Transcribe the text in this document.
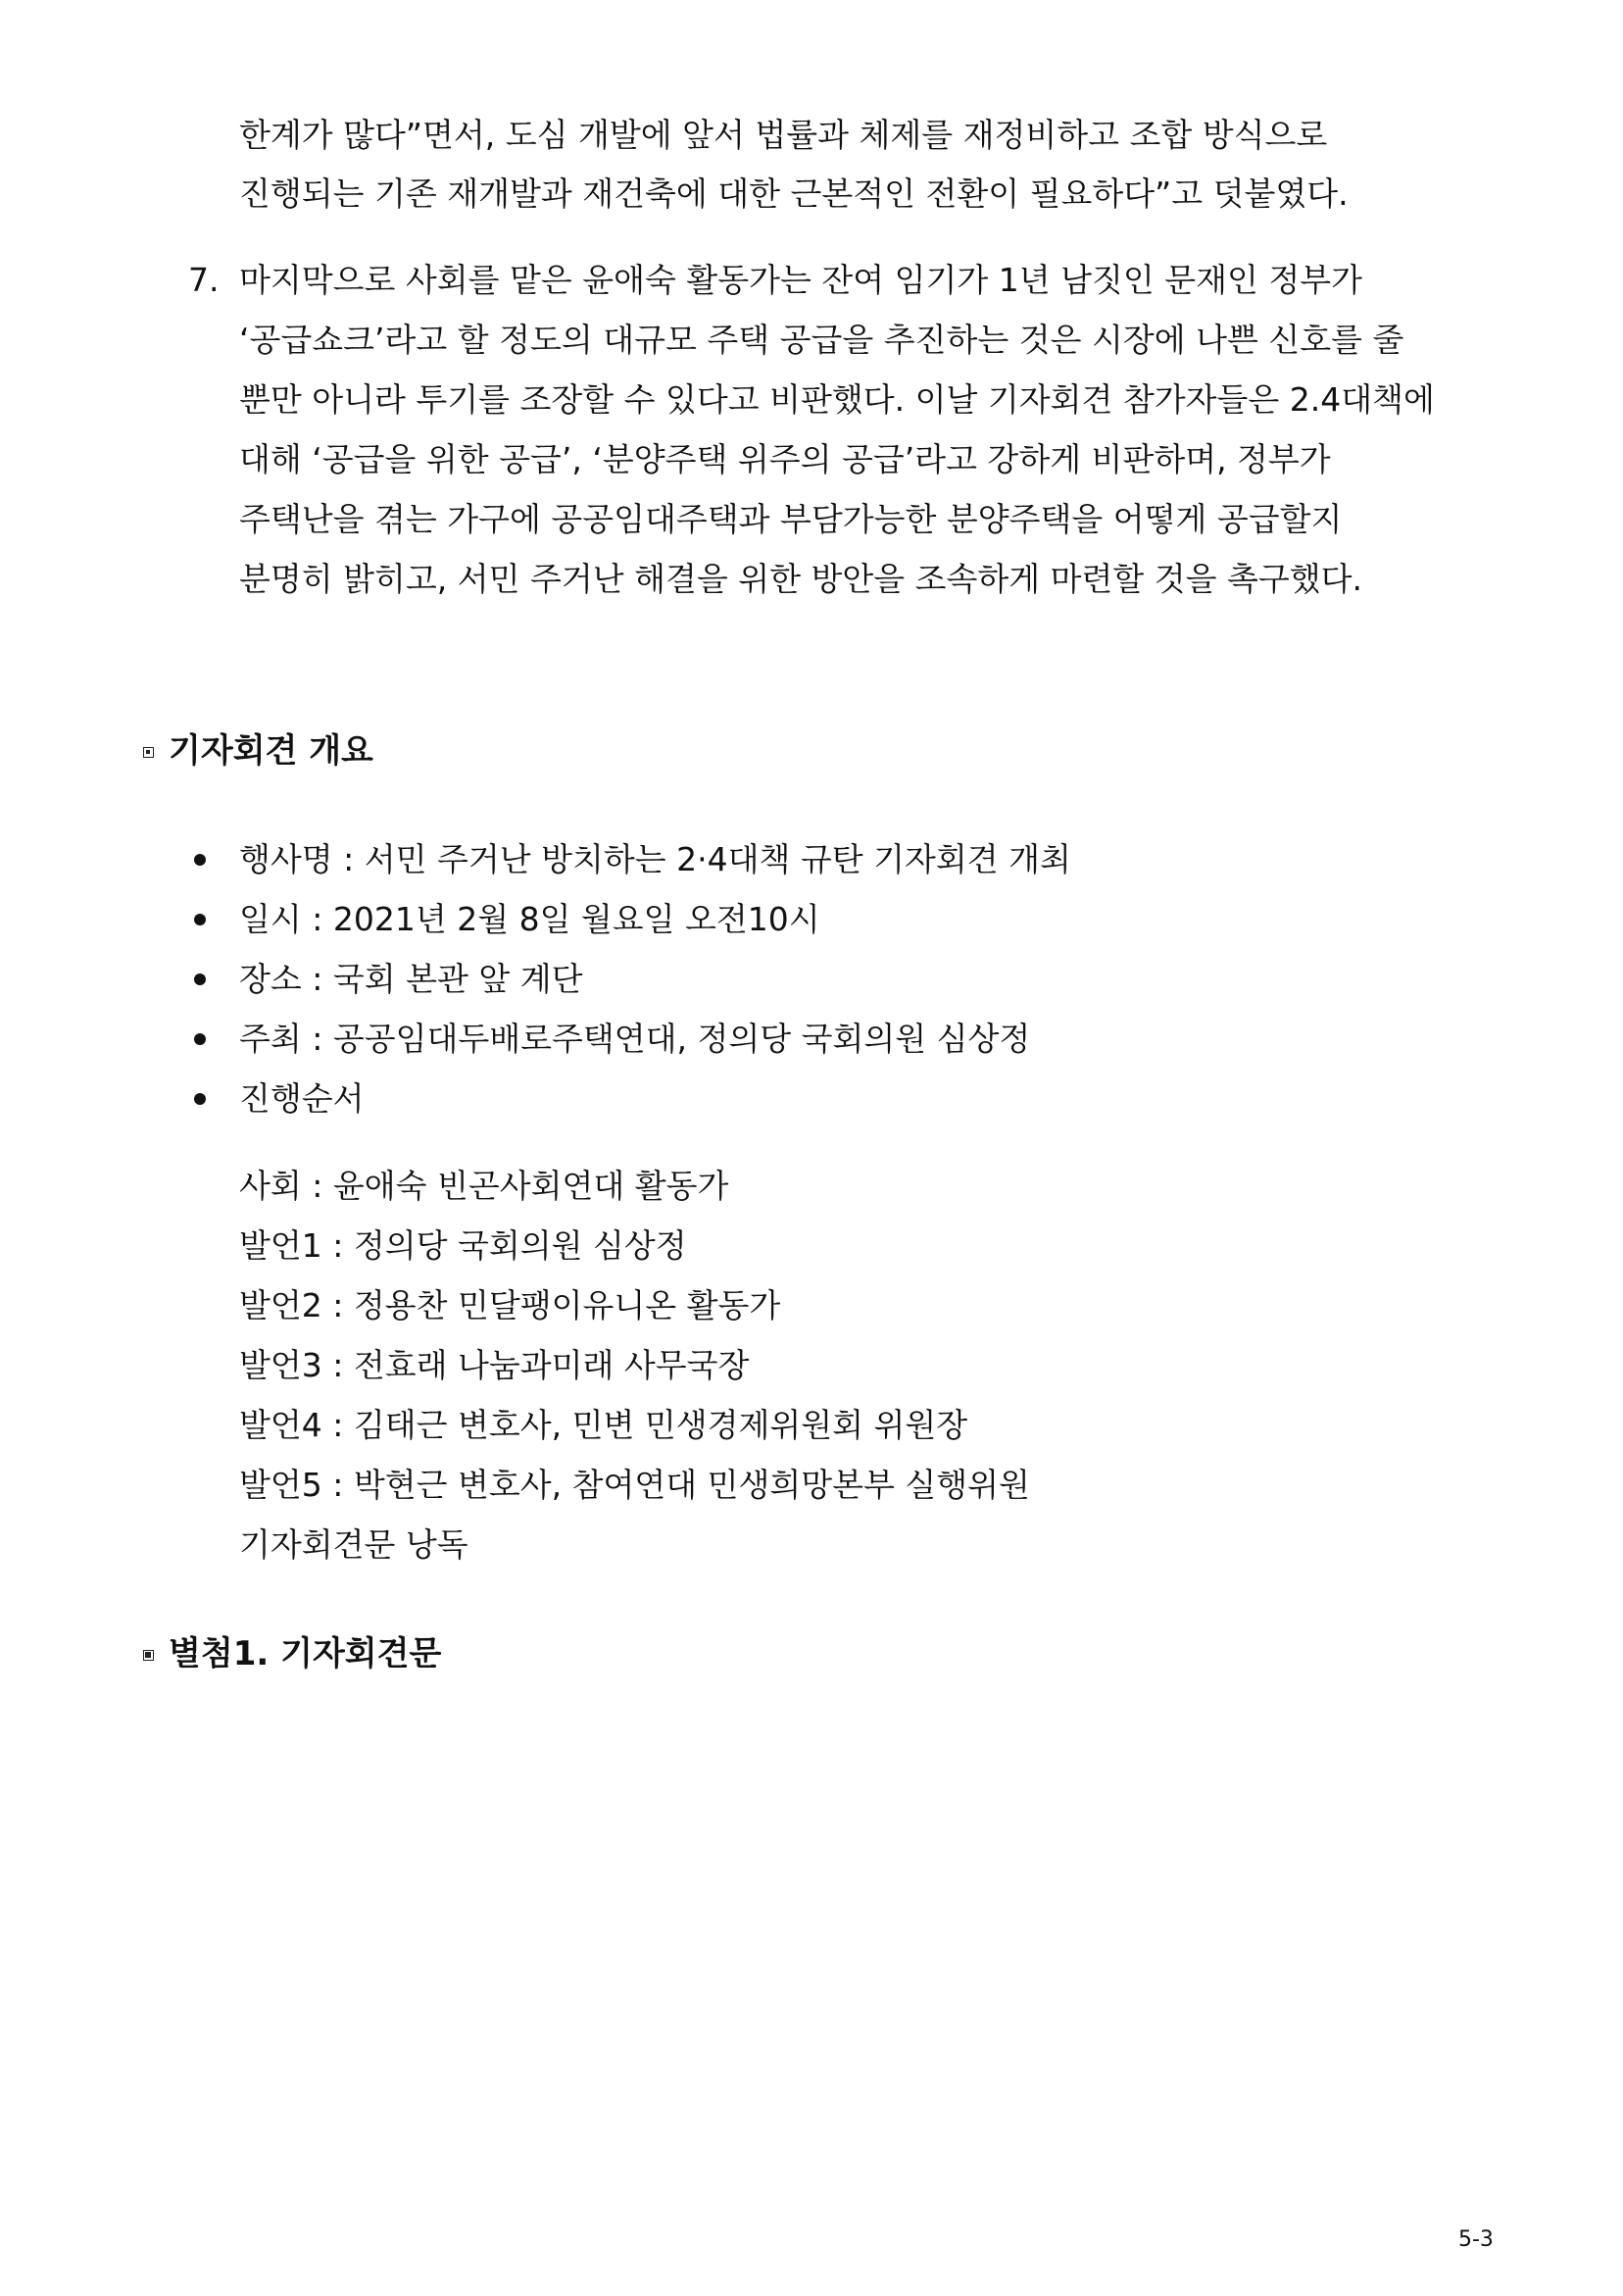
한계가 많다”면서, 도심 개발에 앞서 법률과 체제를 재정비하고 조합 방식으로
진행되는 기존 재개발과 재건축에 대한 근본적인 전환이 필요하다”고 덧붙였다.
7. 마지막으로 사회를 맡은 윤애숙 활동가는 잔여 임기가 1년 남짓인 문재인 정부가
‘공급쇼크’라고 할 정도의 대규모 주택 공급을 추진하는 것은 시장에 나쁜 신호를 줄
뿐만 아니라 투기를 조장할 수 있다고 비판했다. 이날 기자회견 참가자들은 2.4대책에
대해 ‘공급을 위한 공급’, ‘분양주택 위주의 공급’라고 강하게 비판하며, 정부가
주택난을 겪는 가구에 공공임대주택과 부담가능한 분양주택을 어떻게 공급할지
분명히 밝히고, 서민 주거난 해결을 위한 방안을 조속하게 마련할 것을 촉구했다.
기자회견 개요
행사명 : 서민 주거난 방치하는 2·4대책 규탄 기자회견 개최
일시 : 2021년 2월 8일 월요일 오전10시
장소 : 국회 본관 앞 계단
주최 : 공공임대두배로주택연대, 정의당 국회의원 심상정
진행순서
사회 : 윤애숙 빈곤사회연대 활동가
발언1 : 정의당 국회의원 심상정
발언2 : 정용찬 민달팽이유니온 활동가
발언3 : 전효래 나눔과미래 사무국장
발언4 : 김태근 변호사, 민변 민생경제위원회 위원장
발언5 : 박현근 변호사, 참여연대 민생희망본부 실행위원
기자회견문 낭독
별첨1. 기자회견문
5-3
